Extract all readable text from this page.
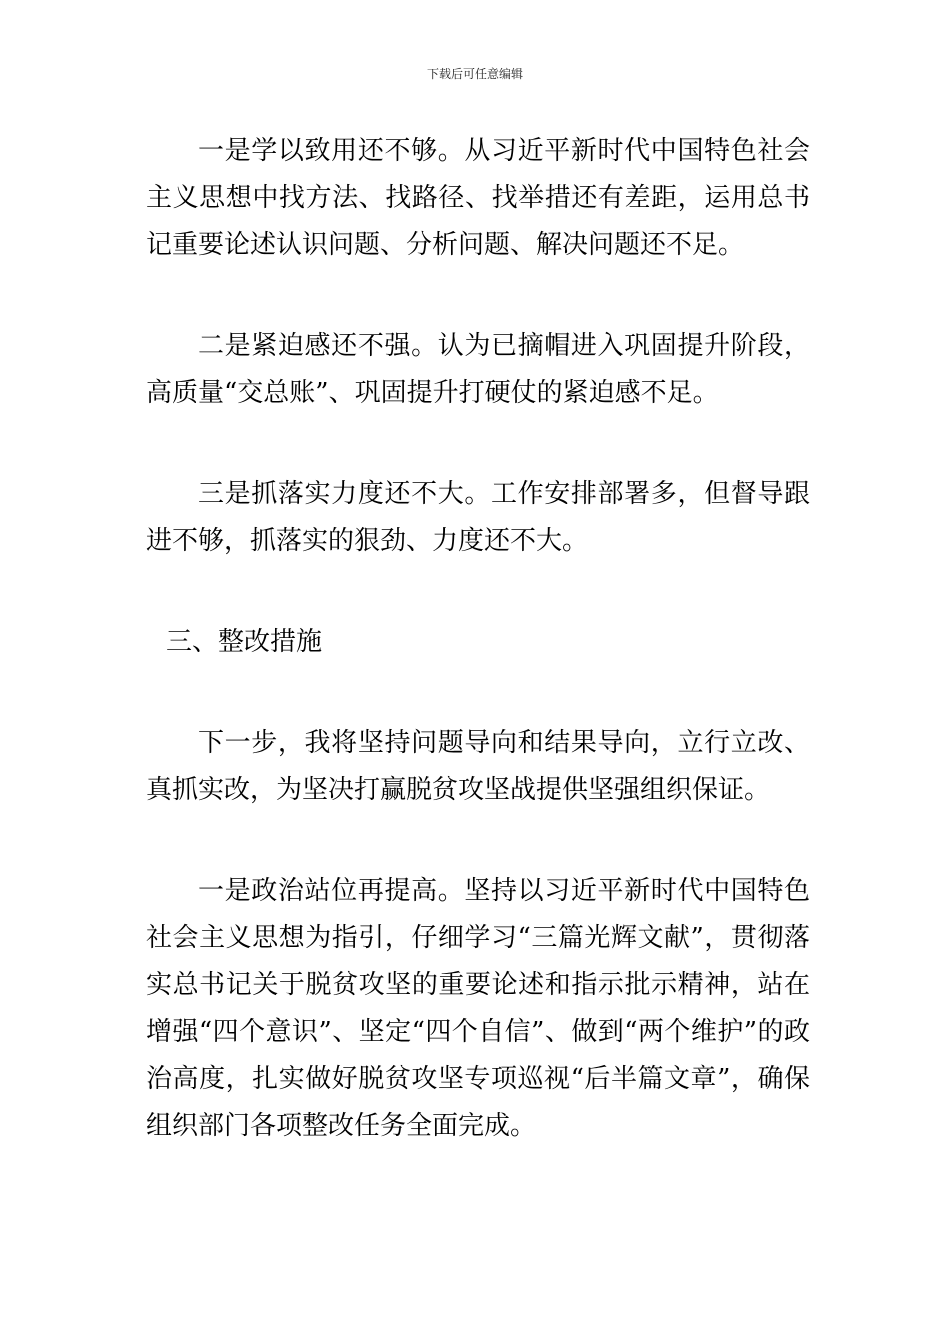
下载后可任意编辑

一是学以致用还不够。从习近平新时代中国特色社会主义思想中找方法、找路径、找举措还有差距，运用总书记重要论述认识问题、分析问题、解决问题还不足。

二是紧迫感还不强。认为已摘帽进入巩固提升阶段，高质量“交总账”、巩固提升打硬仗的紧迫感不足。

三是抓落实力度还不大。工作安排部署多，但督导跟进不够，抓落实的狠劲、力度还不大。

三、整改措施

下一步，我将坚持问题导向和结果导向，立行立改、真抓实改，为坚决打赢脱贫攻坚战提供坚强组织保证。

一是政治站位再提高。坚持以习近平新时代中国特色社会主义思想为指引，仔细学习“三篇光辉文献”，贯彻落实总书记关于脱贫攻坚的重要论述和指示批示精神，站在增强“四个意识”、坚定“四个自信”、做到“两个维护”的政治高度，扎实做好脱贫攻坚专项巡视“后半篇文章”，确保组织部门各项整改任务全面完成。
